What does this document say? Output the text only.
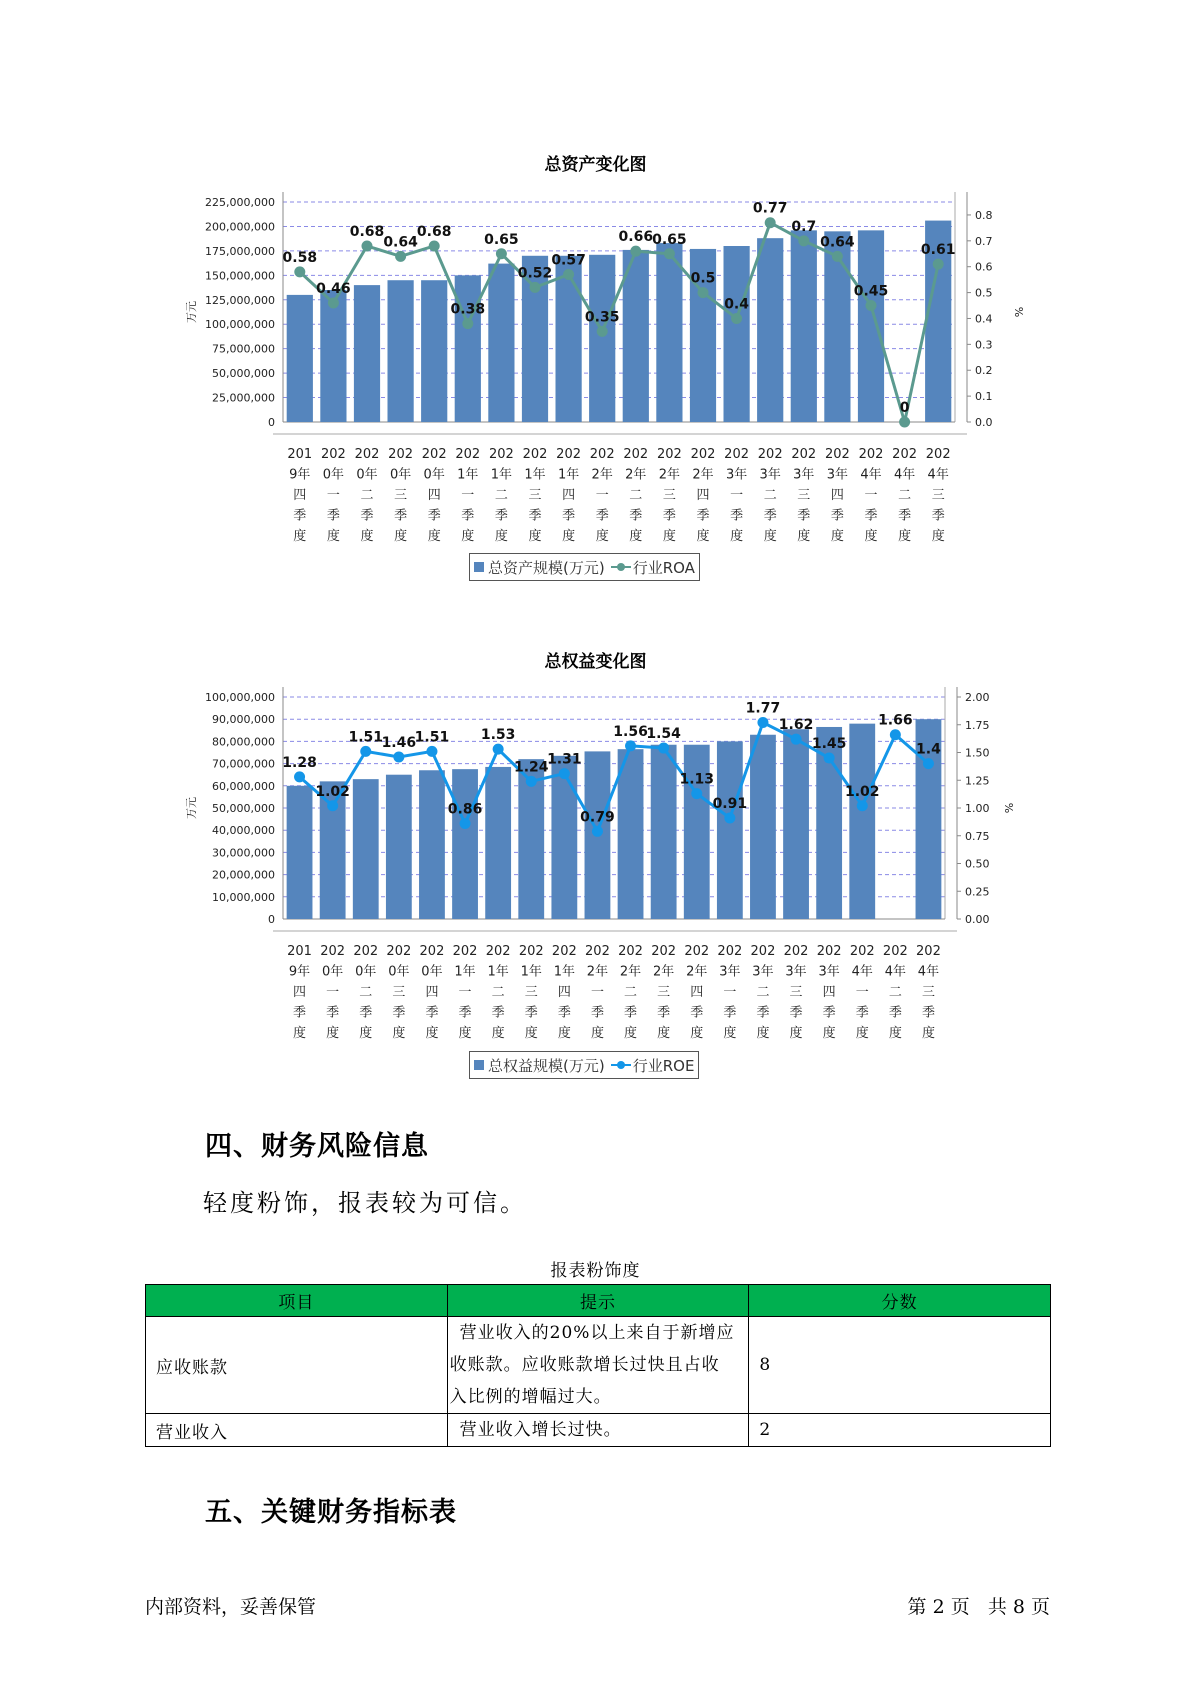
总资产变化图
0
25,000,000
50,000,000
75,000,000
100,000,000
125,000,000
150,000,000
175,000,000
200,000,000
225,000,000
0.0
0.1
0.2
0.3
0.4
0.5
0.6
0.7
0.8
万元	%
0.58
0.46
0.68
0.64
0.68
0.38
0.65
0.52
0.57
0.35
0.66 0.65
0.5
0.4
0.77
0.7
0.64
0.45
0
0.61
201
9年
四
季
度
202
0年
一
季
度
202
0年
二
季
度
202
0年
三
季
度
202
0年
四
季
度
202
1年
一
季
度
202
1年
二
季
度
202
1年
三
季
度
202
1年
四
季
度
202
2年
一
季
度
202
2年
二
季
度
202
2年
三
季
度
202
2年
四
季
度
202
3年
一
季
度
202
3年
二
季
度
202
3年
三
季
度
202
3年
四
季
度
202
4年
一
季
度
202
4年
二
季
度
202
4年
三
季
度
总资产规模(万元) 行业ROA
总权益变化图
0
10,000,000
20,000,000
30,000,000
40,000,000
50,000,000
60,000,000
70,000,000
80,000,000
90,000,000
100,000,000
0.00
0.25
0.50
0.75
1.00
1.25
1.50
1.75
2.00
万元	%
1.28
1.02
1.51
1.46
1.51
0.86
1.53
1.24
1.31
0.79
1.56
1.54
1.13
0.91
1.77
1.62
1.45
1.02
1.66
1.4
201
9年
四
季
度
202
0年
一
季
度
202
0年
二
季
度
202
0年
三
季
度
202
0年
四
季
度
202
1年
一
季
度
202
1年
二
季
度
202
1年
三
季
度
202
1年
四
季
度
202
2年
一
季
度
202
2年
二
季
度
202
2年
三
季
度
202
2年
四
季
度
202
3年
一
季
度
202
3年
二
季
度
202
3年
三
季
度
202
3年
四
季
度
202
4年
一
季
度
202
4年
二
季
度
202
4年
三
季
度
总权益规模(万元) 行业ROE
四、财务风险信息
轻度粉饰，报表较为可信。
报表粉饰度
项目	提示	分数
应收账款	营业收入的20%以上来自于新增应
收账款。应收账款增长过快且占收
入比例的增幅过大。	8
营业收入	营业收入增长过快。	2
五、关键财务指标表
内部资料，妥善保管	第 2 页   共 8 页
